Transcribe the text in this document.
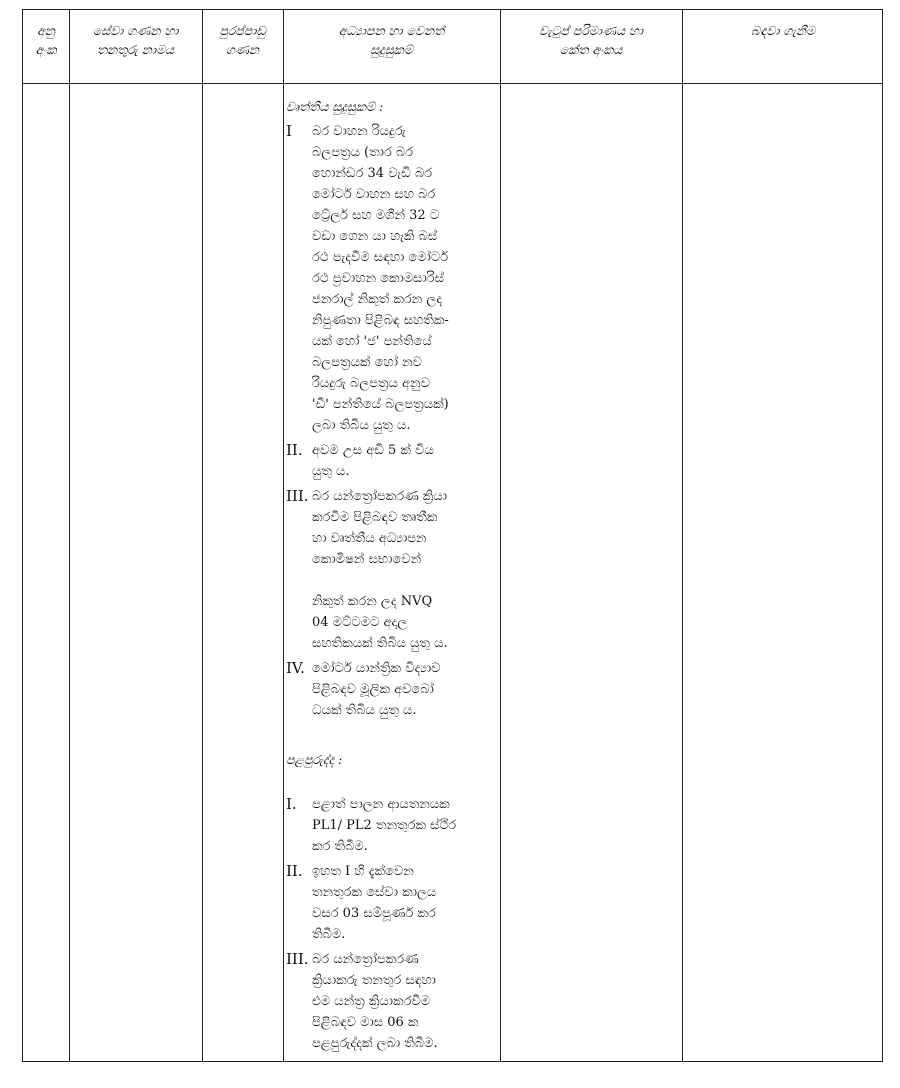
අනු
අංක
සේවා ගණන හා
තනතුරු නාමය
පුරප්පාඩු
ගණන
අධ්‍යාපන හා වෙනත්
සුදුසුකම්
වැටුප් පරිමාණය හා
කේත අංකය
බඳවා ගැනීම
වෘත්තීය සුදුසුකම් :
I	බර වාහන රියදුරු
බලපත්‍රය (තාර බර
හොන්ඩර 34 වැඩි බර
මෝටර් වාහන සහ බර
ට්‍රේලර් සහ මගීන් 32 ට
වඩා ගෙන යා හැකි බස්
රථ පැදවීම සඳහා මෝටර්
රථ ප්‍රවාහන කොමසාරිස්
ජනරාල් නිකුත් කරන ලද
නිපුණතා පිළිබඳ සහතික-
යක් හෝ 'ජ' පන්තියේ
බලපත්‍රයක් හෝ නව
රියදුරු බලපත්‍රය අනුව
'ඩී' පන්තියේ බලපත්‍රයක්)
ලබා තිබිය යුතු ය.
II. අවම උස අඩි 5 ක් විය
යුතු ය.
III. බර යන්ත්‍රෝපකරණ ක්‍රියා
කරවීම පිළිබඳව තෘතීක
හා වෘත්තීය අධ්‍යාපන
කොමිෂන් සභාවෙන්

නිකුත් කරන ලද NVQ
04 මට්ටමට අදාල
සහතිකයක් තිබිය යුතු ය.
IV. මෝටර් යාන්ත්‍රික විද්‍යාව
පිළිබඳව මූලික අවබෝ
ධයක් තිබිය යුතු ය.
පළපුරුද්ද :
I.	පළාත් පාලන ආයතනයක
PL1/ PL2 තනතුරක ස්ථිර
කර තිබීම.
II. ඉහත I හි දැක්වෙන
තනතුරක සේවා කාලය
වසර 03 සම්පූර්ණ කර
තිබීම.
III. බර යන්ත්‍රෝපකරණ
ක්‍රියාකරු තනතුර සඳහා
එම යන්ත්‍ර ක්‍රියාකරවීම
පිළිබඳව මාස 06 ක
පළපුරුද්දක් ලබා තිබීම.
